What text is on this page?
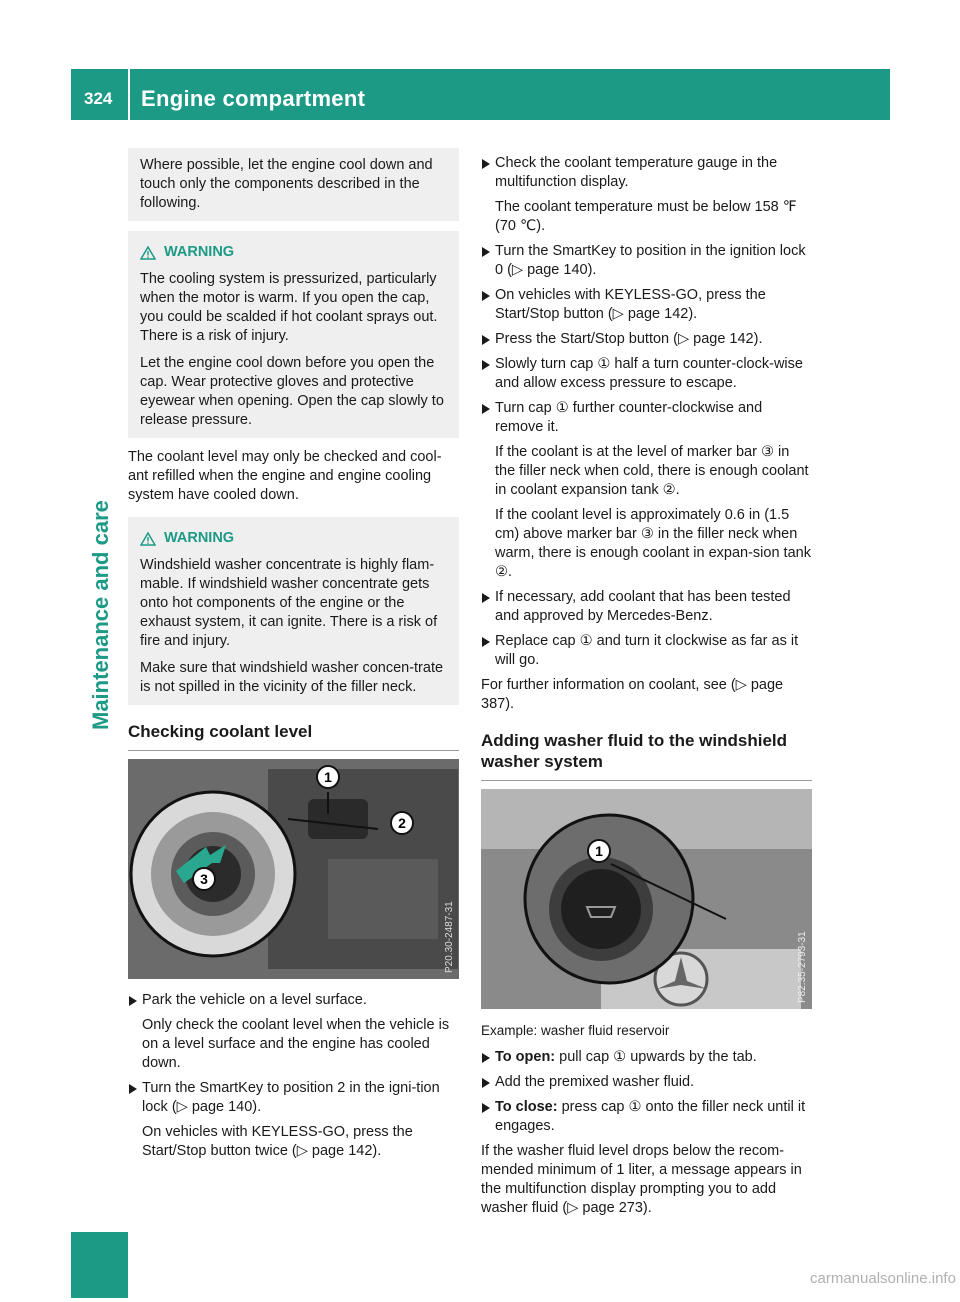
324 Engine compartment
Maintenance and care

Where possible, let the engine cool down and touch only the components described in the following.

WARNING

The cooling system is pressurized, particularly when the motor is warm. If you open the cap, you could be scalded if hot coolant sprays out. There is a risk of injury.

Let the engine cool down before you open the cap. Wear protective gloves and protective eyewear when opening. Open the cap slowly to release pressure.

The coolant level may only be checked and cool-ant refilled when the engine and engine cooling system have cooled down.

WARNING

Windshield washer concentrate is highly flam-mable. If windshield washer concentrate gets onto hot components of the engine or the exhaust system, it can ignite. There is a risk of fire and injury.

Make sure that windshield washer concen-trate is not spilled in the vicinity of the filler neck.

Checking coolant level
1
2
3
P20.30-2487-31
Park the vehicle on a level surface.
Only check the coolant level when the vehicle is on a level surface and the engine has cooled down.
Turn the SmartKey to position 2 in the igni-tion lock (▷ page 140).
On vehicles with KEYLESS-GO, press the Start/Stop button twice (▷ page 142).
Check the coolant temperature gauge in the multifunction display.
The coolant temperature must be below 158 ℉ (70 ℃).
Turn the SmartKey to position in the ignition lock 0 (▷ page 140).
On vehicles with KEYLESS-GO, press the Start/Stop button (▷ page 142).
Press the Start/Stop button (▷ page 142).
Slowly turn cap ① half a turn counter-clock-wise and allow excess pressure to escape.
Turn cap ① further counter-clockwise and remove it.
If the coolant is at the level of marker bar ③ in the filler neck when cold, there is enough coolant in coolant expansion tank ②.
If the coolant level is approximately 0.6 in (1.5 cm) above marker bar ③ in the filler neck when warm, there is enough coolant in expan-sion tank ②.
If necessary, add coolant that has been tested and approved by Mercedes-Benz.
Replace cap ① and turn it clockwise as far as it will go.

For further information on coolant, see (▷ page 387).

Adding washer fluid to the windshield washer system
1
P82.35-2793-31
Example: washer fluid reservoir
To open: pull cap ① upwards by the tab.
Add the premixed washer fluid.
To close: press cap ① onto the filler neck until it engages.

If the washer fluid level drops below the recom-mended minimum of 1 liter, a message appears in the multifunction display prompting you to add washer fluid (▷ page 273).

carmanualsonline.info
